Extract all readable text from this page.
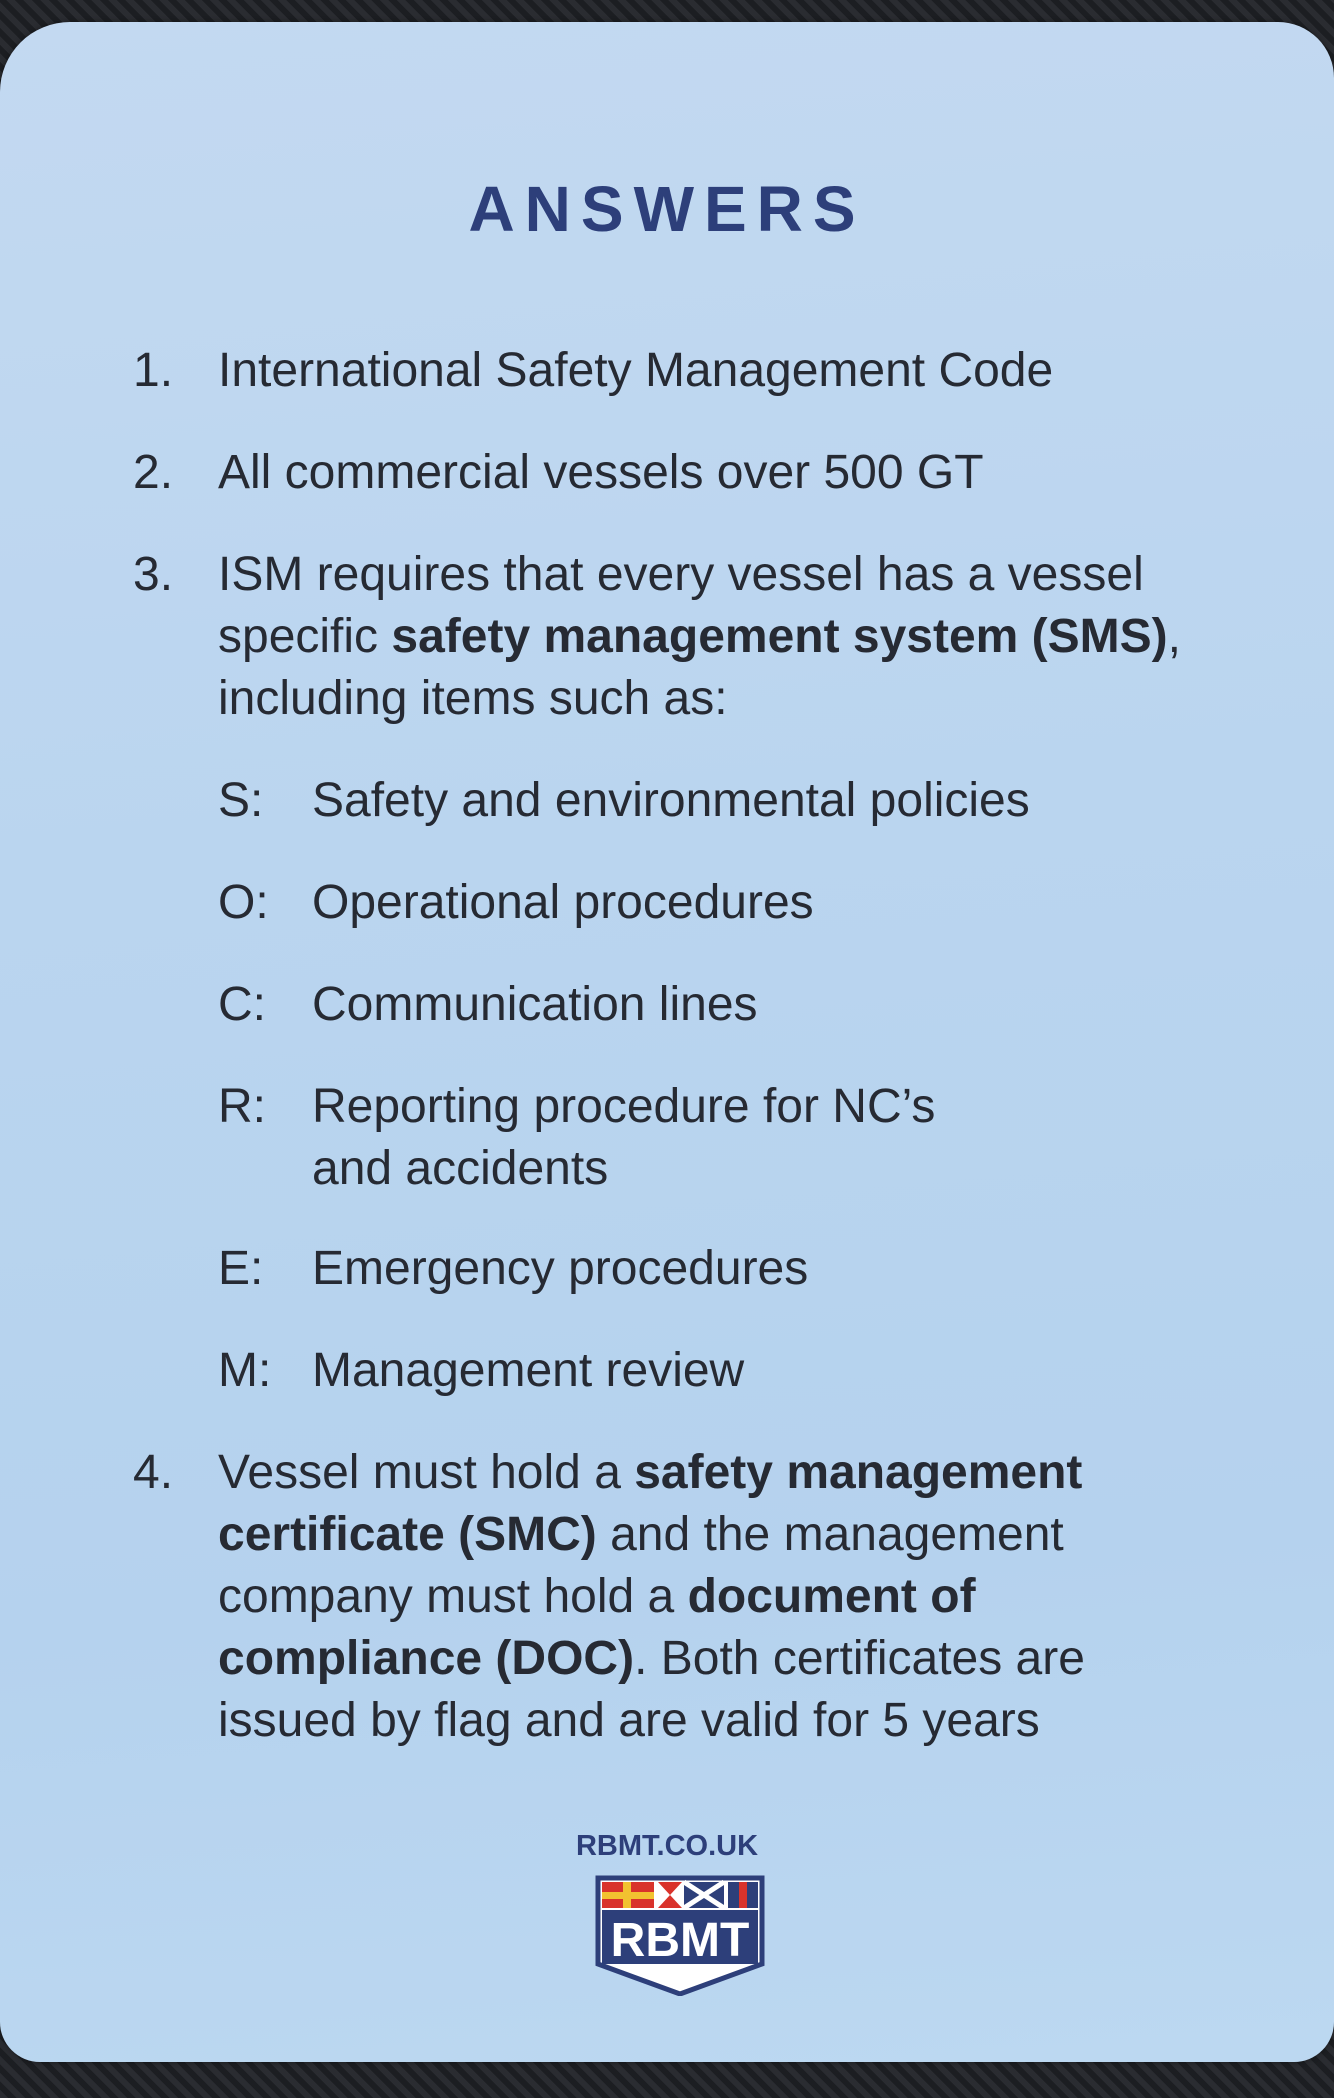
ANSWERS
1. International Safety Management Code
2. All commercial vessels over 500 GT
3. ISM requires that every vessel has a vessel specific safety management system (SMS), including items such as:
S:	Safety and environmental policies
O: Operational procedures
C: Communication lines
R: Reporting procedure for NC’s and accidents
E:	Emergency procedures
M: Management review
4. Vessel must hold a safety management certificate (SMC) and the management company must hold a document of compliance (DOC). Both certificates are issued by flag and are valid for 5 years
RBMT.CO.UK
RBMT
